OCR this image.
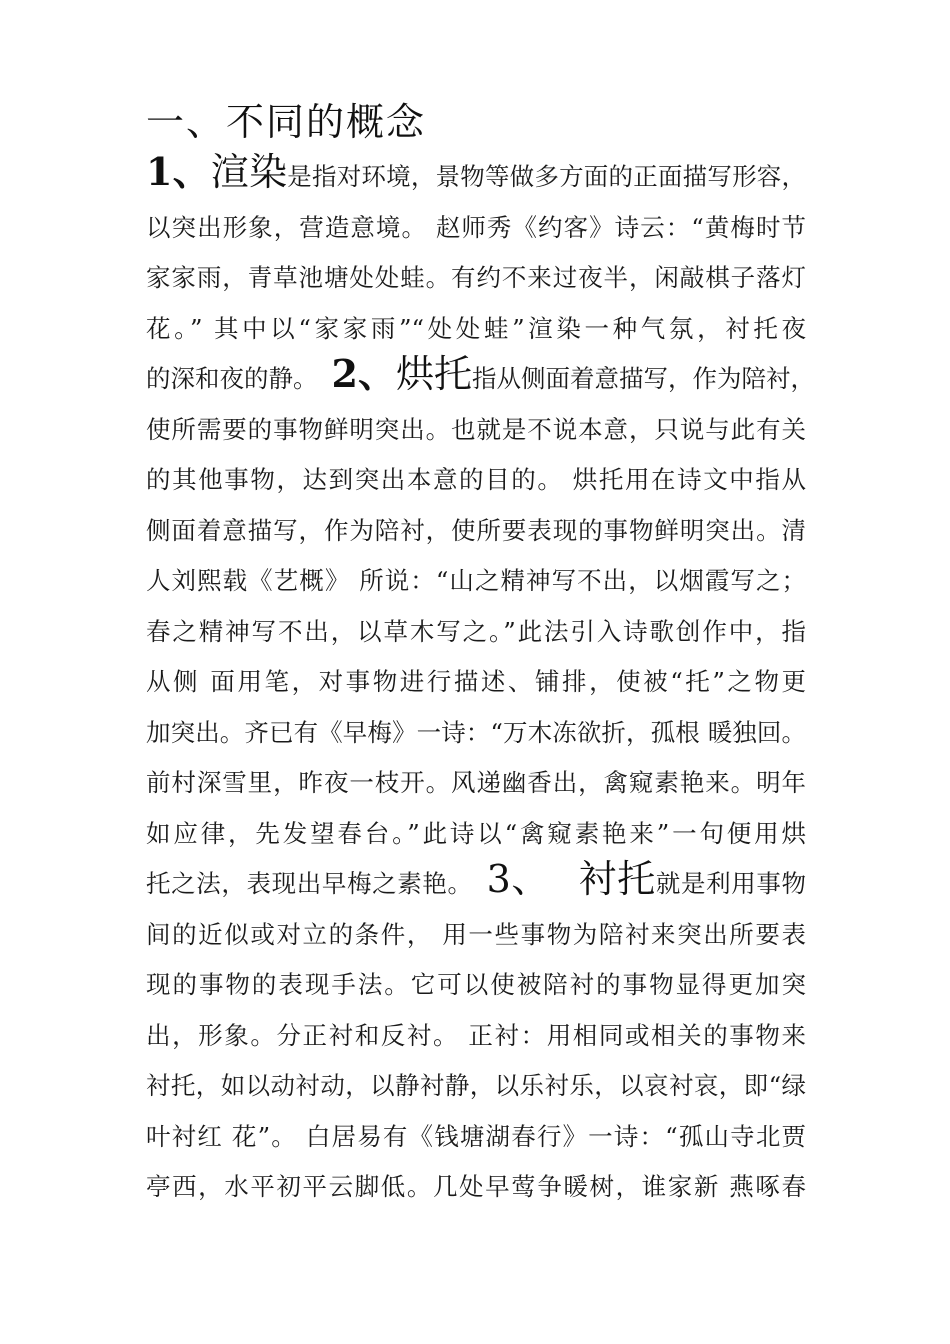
一、不同的概念
1、渲染是指对环境，景物等做多方面的正面描写形容，
以突出形象，营造意境。 赵师秀《约客》诗云：“黄梅时节
家家雨，青草池塘处处蛙。有约不来过夜半，闲敲棋子落灯
花。” 其中以“家家雨”“处处蛙”渲染一种气氛，衬托夜
的深和夜的静。 2、烘托指从侧面着意描写，作为陪衬，
使所需要的事物鲜明突出。也就是不说本意，只说与此有关
的其他事物，达到突出本意的目的。 烘托用在诗文中指从
侧面着意描写，作为陪衬，使所要表现的事物鲜明突出。清
人刘熙载《艺概》 所说：“山之精神写不出，以烟霞写之；
春之精神写不出，以草木写之。”此法引入诗歌创作中，指
从侧 面用笔，对事物进行描述、铺排，使被“托”之物更
加突出。齐已有《早梅》一诗：“万木冻欲折，孤根 暖独回。
前村深雪里，昨夜一枝开。风递幽香出，禽窥素艳来。明年
如应律，先发望春台。”此诗以“禽窥素艳来”一句便用烘
托之法，表现出早梅之素艳。 3、 衬托就是利用事物
间的近似或对立的条件， 用一些事物为陪衬来突出所要表
现的事物的表现手法。它可以使被陪衬的事物显得更加突
出，形象。分正衬和反衬。 正衬：用相同或相关的事物来
衬托，如以动衬动，以静衬静，以乐衬乐，以哀衬哀，即“绿
叶衬红 花”。 白居易有《钱塘湖春行》一诗：“孤山寺北贾
亭西，水平初平云脚低。几处早莺争暖树，谁家新 燕啄春
